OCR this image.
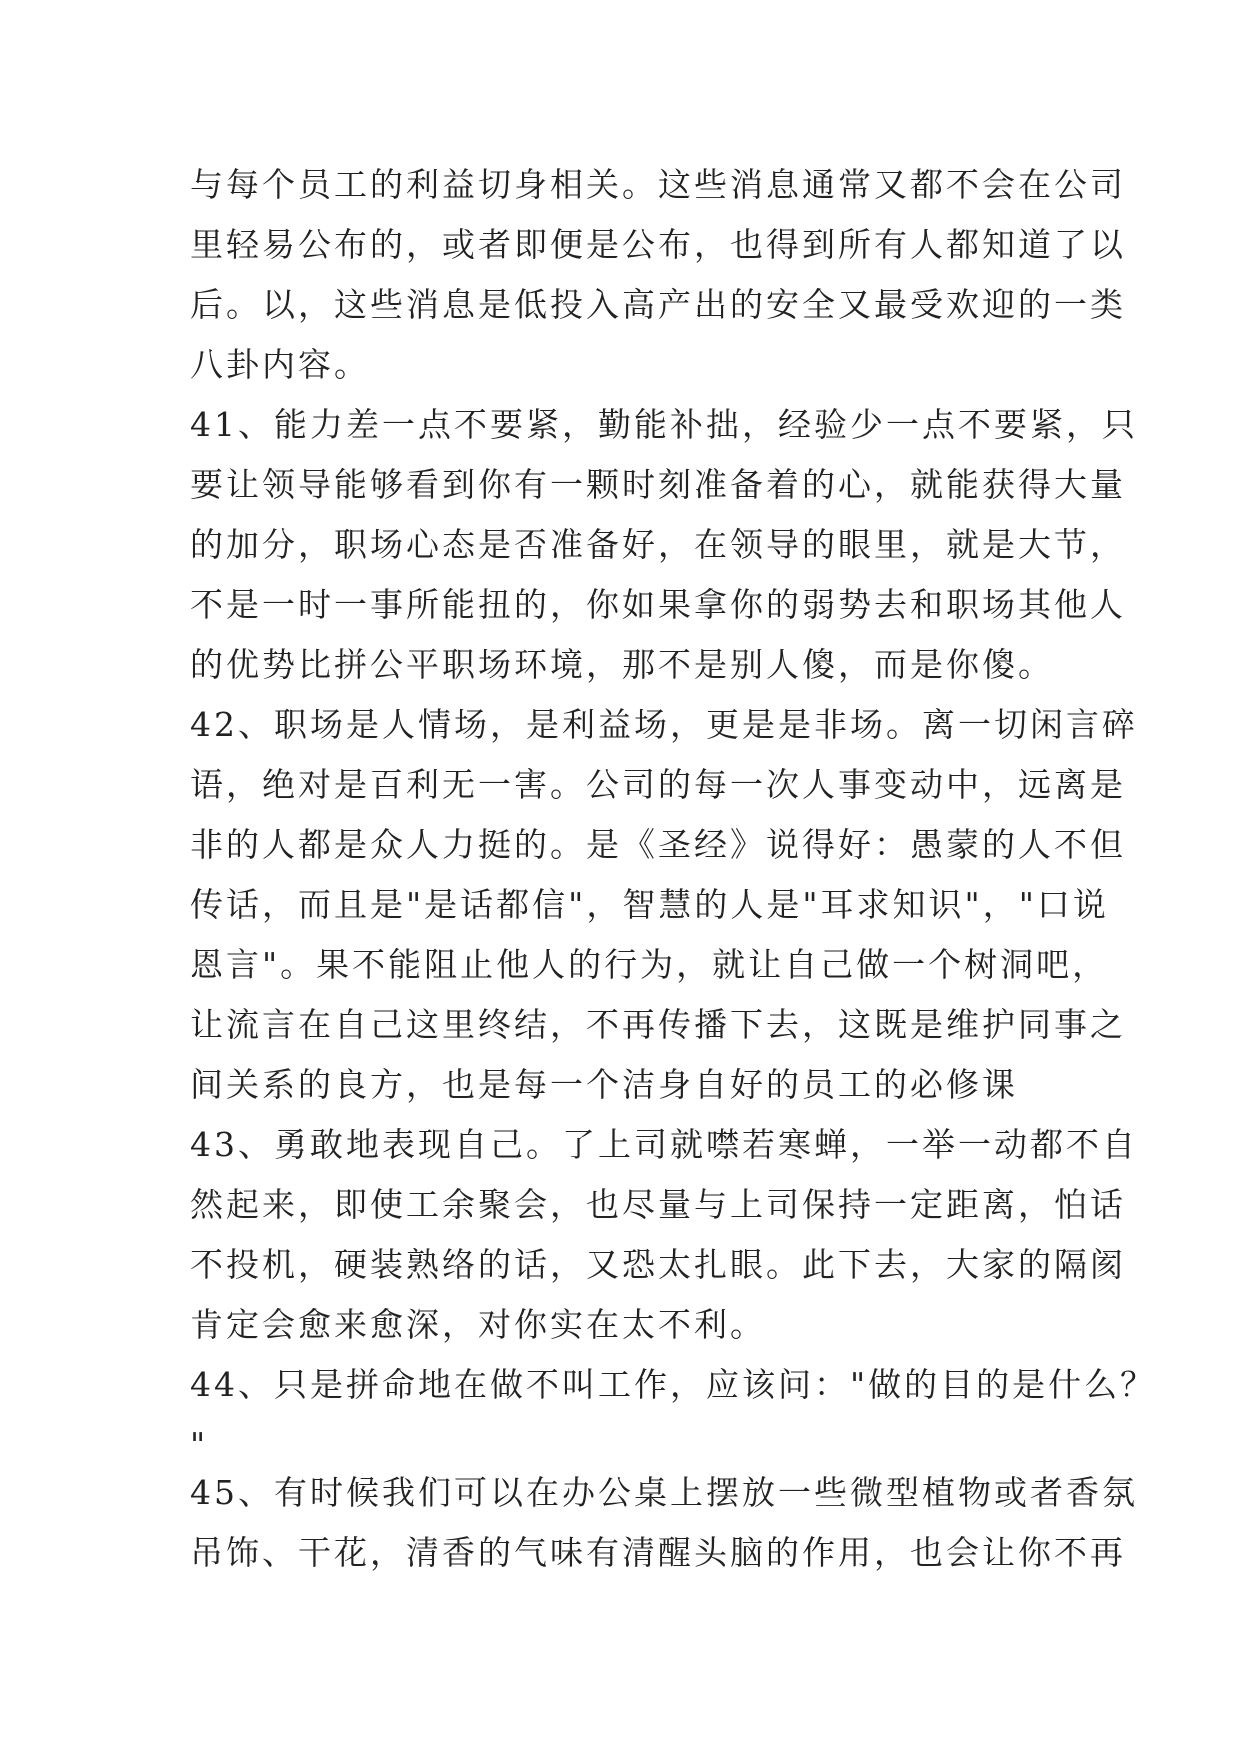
与每个员工的利益切身相关。这些消息通常又都不会在公司
里轻易公布的，或者即便是公布，也得到所有人都知道了以
后。以，这些消息是低投入高产出的安全又最受欢迎的一类
八卦内容。
41、能力差一点不要紧，勤能补拙，经验少一点不要紧，只
要让领导能够看到你有一颗时刻准备着的心，就能获得大量
的加分，职场心态是否准备好，在领导的眼里，就是大节，
不是一时一事所能扭的，你如果拿你的弱势去和职场其他人
的优势比拼公平职场环境，那不是别人傻，而是你傻。
42、职场是人情场，是利益场，更是是非场。离一切闲言碎
语，绝对是百利无一害。公司的每一次人事变动中，远离是
非的人都是众人力挺的。是《圣经》说得好：愚蒙的人不但
传话，而且是"是话都信"，智慧的人是"耳求知识"，"口说
恩言"。果不能阻止他人的行为，就让自己做一个树洞吧，
让流言在自己这里终结，不再传播下去，这既是维护同事之
间关系的良方，也是每一个洁身自好的员工的必修课
43、勇敢地表现自己。了上司就噤若寒蝉，一举一动都不自
然起来，即使工余聚会，也尽量与上司保持一定距离，怕话
不投机，硬装熟络的话，又恐太扎眼。此下去，大家的隔阂
肯定会愈来愈深，对你实在太不利。
44、只是拼命地在做不叫工作，应该问："做的目的是什么？
"
45、有时候我们可以在办公桌上摆放一些微型植物或者香氛
吊饰、干花，清香的气味有清醒头脑的作用，也会让你不再
